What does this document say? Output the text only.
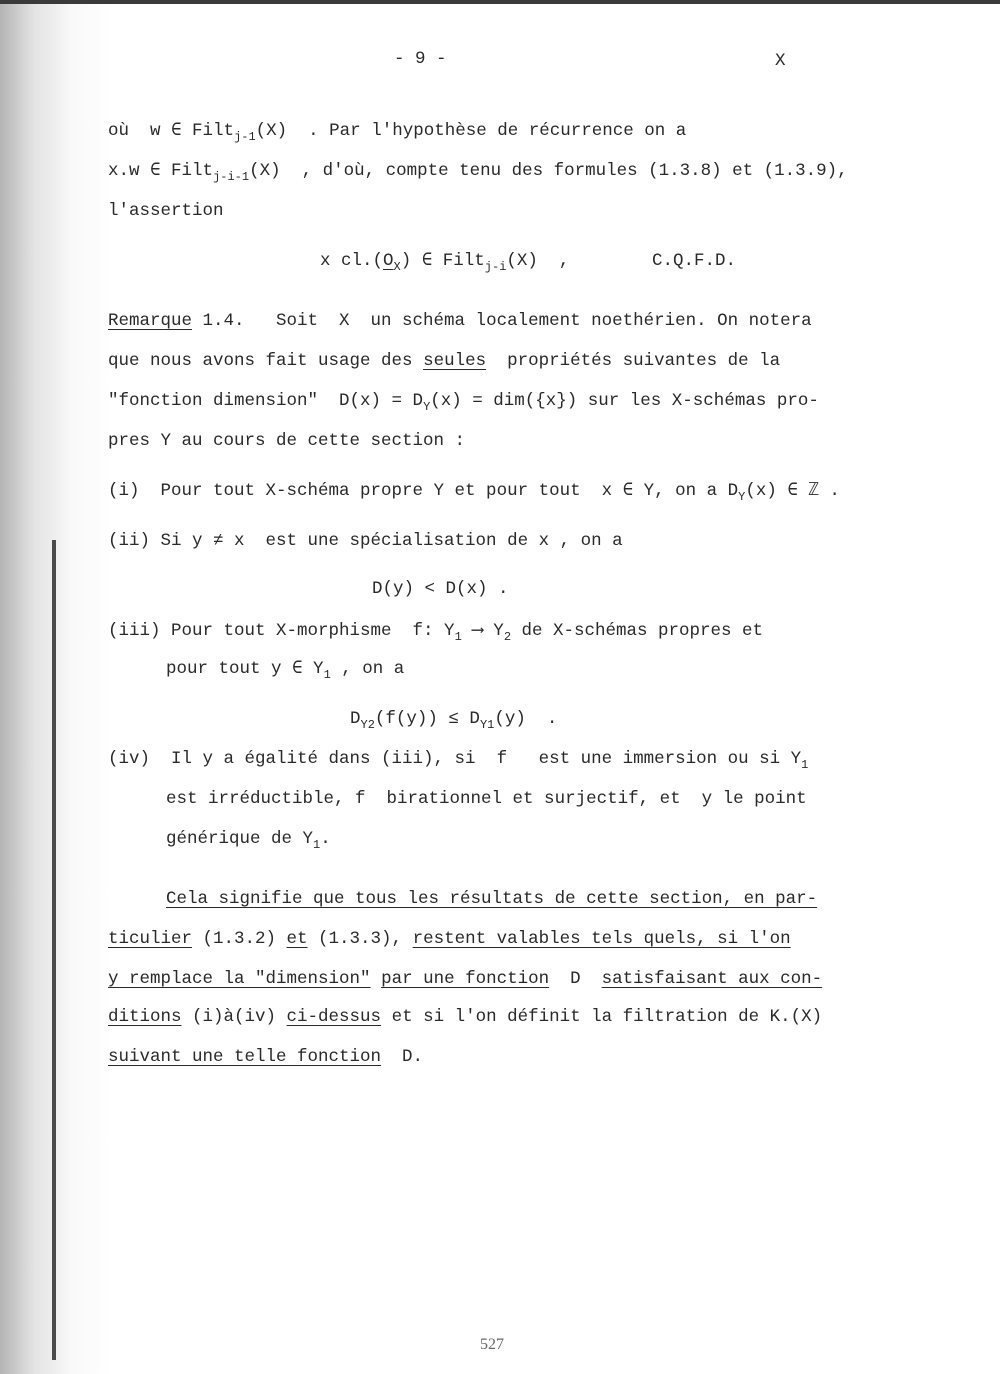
- 9 -	X
où  w ∈ Filt$_{j-1}$(X)  . Par l'hypothèse de récurrence on a
x.w ∈ Filt$_{j-i-1}$(X)  , d'où, compte tenu des formules (1.3.8) et (1.3.9),
l'assertion
x $cl.(O_X)$ ∈ Filt$_{j-i}$(X)  ,	C.Q.F.D.
Remarque 1.4.   Soit  X  un schéma localement noethérien. On notera
que nous avons fait usage des seules  propriétés suivantes de la
"fonction dimension"  $D(x) = D_Y(x) = dim(\{x\})$ sur les X-schémas pro-
pres Y au cours de cette section :
(i)  Pour tout X-schéma propre Y et pour tout  x ∈ Y, on a $D_Y(x)$ ∈ ℤ .
(ii) Si y ≠ x  est une spécialisation de x , on a
D(y) < D(x) .
(iii) Pour tout X-morphisme  f: $Y_1$ ⟶ $Y_2$ de X-schémas propres et
pour tout y ∈ $Y_1$ , on a
$D_{Y2}(f(y)) \le D_{Y1}(y)$  .
(iv)  Il y a égalité dans (iii), si  f   est une immersion ou si $Y_1$
est irréductible, f  birationnel et surjectif, et  y le point
générique de $Y_1$.
Cela signifie que tous les résultats de cette section, en par-
ticulier (1.3.2) et (1.3.3), restent valables tels quels, si l'on
y remplace la "dimension" par une fonction  D  satisfaisant aux con-
ditions (i)à(iv) ci-dessus et si l'on définit la filtration de K.(X)
suivant une telle fonction  D.
527
